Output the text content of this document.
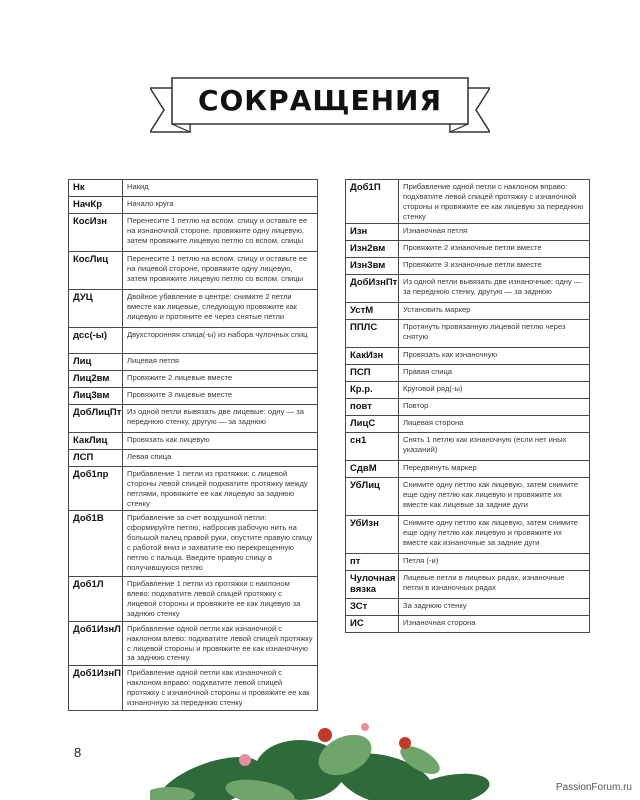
СОКРАЩЕНИЯ
Нк	Накид
НачКр	Начало круга
КосИзн	Перенесите 1 петлю на вспом. спицу и оставьте ее на изнаночной стороне, провяжите одну лицевую, затем провяжите лицевую петлю со вспом. спицы
КосЛиц	Перенесите 1 петлю на вспом. спицу и оставьте ее на лицевой стороне, провяжите одну лицевую, затем провяжите лицевую петлю со вспом. спицы
ДУЦ	Двойное убавление в центре: снимите 2 петли вместе как лицевые, следующую провяжите как лицевую и протяните ее через снятые петли
дсс(-ы)	Двухсторонняя спица(-ы) из набора чулочных спиц
Лиц	Лицевая петля
Лиц2вм	Провяжите 2 лицевые вместе
Лиц3вм	Провяжите 3 лицевые вместе
ДобЛицПт	Из одной петли вывязать две лицевые: одну — за переднюю стенку, другую — за заднюю
КакЛиц	Провязать как лицевую
ЛСП	Левая спица
Доб1пр	Прибавление 1 петли из протяжки: с лицевой стороны левой спицей подхватите протяжку между петлями, провяжите ее как лицевую за заднюю стенку
Доб1В	Прибавление за счет воздушной петли: сформируйте петлю, набросив рабочую нить на большой палец правой руки, опустите правую спицу с работой вниз и захватите ею перекрещенную петлю с пальца. Введите правую спицу в получившуюся петлю
Доб1Л	Прибавление 1 петли из протяжки с наклоном влево: подхватите левой спицей протяжку с лицевой стороны и провяжите ее как лицевую за заднюю стенку
Доб1ИзнЛ	Прибавление одной петли как изнаночной с наклоном влево: подхватите левой спицей протяжку с лицевой стороны и провяжите ее как изнаночную за заднюю стенку
Доб1ИзнП	Прибавление одной петли как изнаночной с наклоном вправо: подхватите левой спицей протяжку с изнаночной стороны и провяжите ее как изнаночную за переднюю стенку
Доб1П	Прибавление одной петли с наклоном вправо: подхватите левой спицей протяжку с изнаночной стороны и провяжите ее как лицевую за переднюю стенку
Изн	Изнаночная петля
Изн2вм	Провяжите 2 изнаночные петли вместе
Изн3вм	Провяжите 3 изнаночные петли вместе
ДобИзнПт	Из одной петли вывязать две изнаночные: одну — за переднюю стенку, другую — за заднюю
УстМ	Установить маркер
ППЛС	Протянуть провязанную лицевой петлю через снятую
КакИзн	Провязать как изнаночную
ПСП	Правая спица
Кр.р.	Круговой ряд(-ы)
повт	Повтор
ЛицС	Лицевая сторона
сн1	Снять 1 петлю как изнаночную (если нет иных указаний)
СдвМ	Передвинуть маркер
УбЛиц	Снимите одну петлю как лицевую, затем снимите еще одну петлю как лицевую и провяжите их вместе как лицевые за задние дуги
УбИзн	Снимите одну петлю как лицевую, затем снимите еще одну петлю как лицевую и провяжите их вместе как изнаночные за задние дуги
пт	Петля (-и)
Чулочная вязка	Лицевые петли в лицевых рядах, изнаночные петли в изнаночных рядах
ЗСт	За заднюю стенку
ИС	Изнаночная сторона
8
PassionForum.ru
